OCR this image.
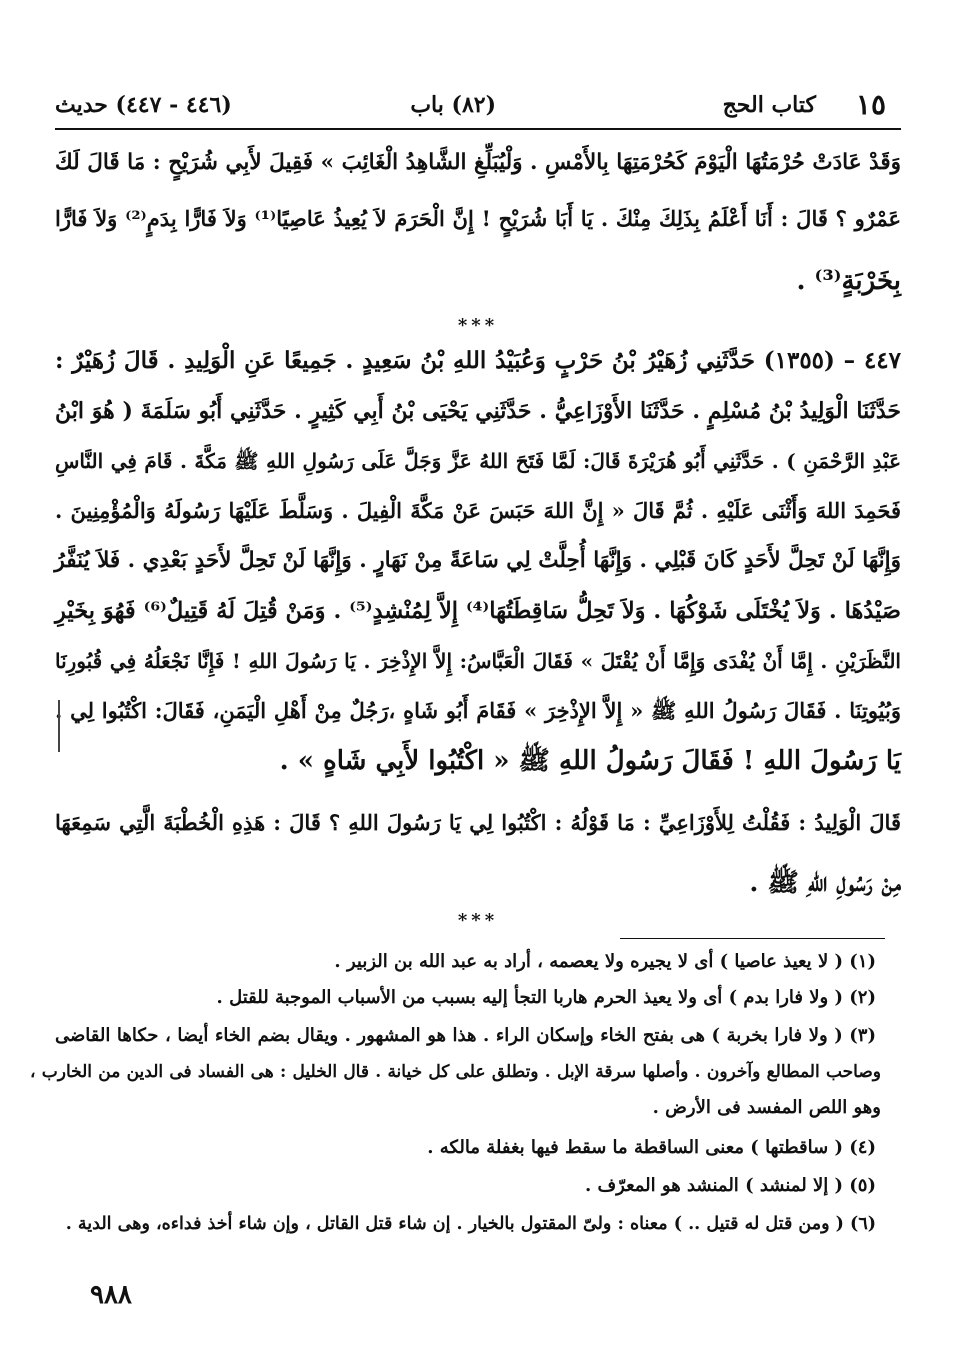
١٥
كتاب الحج
(٨٢) باب
(٤٤٦ - ٤٤٧) حديث
وَقَدْ عَادَتْ حُرْمَتُهَا الْيَوْمَ كَحُرْمَتِهَا بِالأَمْسِ . وَلْيُبَلِّغِ الشَّاهِدُ الْغَائِبَ » فَقِيلَ لأَبِي شُرَيْحٍ : مَا قَالَ لَكَ
عَمْرٌو ؟ قَالَ : أَنَا أَعْلَمُ بِذَلِكَ مِنْكَ . يَا أَبَا شُرَيْحٍ ! إِنَّ الْحَرَمَ لاَ يُعِيذُ عَاصِيًا⁽¹⁾ وَلاَ فَارًّا بِدَمٍ⁽²⁾ وَلاَ فَارًّا
بِخَرْبَةٍ⁽³⁾ .
***
٤٤٧ – (١٣٥٥) حَدَّثَنِي زُهَيْرُ بْنُ حَرْبٍ وَعُبَيْدُ اللهِ بْنُ سَعِيدٍ . جَمِيعًا عَنِ الْوَلِيدِ . قَالَ زُهَيْرٌ :
حَدَّثَنَا الْوَلِيدُ بْنُ مُسْلِمٍ . حَدَّثَنَا الأَوْزَاعِيُّ . حَدَّثَنِي يَحْيَى بْنُ أَبِي كَثِيرٍ . حَدَّثَنِي أَبُو سَلَمَةَ ( هُوَ ابْنُ
عَبْدِ الرَّحْمَنِ ) . حَدَّثَنِي أَبُو هُرَيْرَةَ قَالَ: لَمَّا فَتَحَ اللهُ عَزَّ وَجَلَّ عَلَى رَسُولِ اللهِ ﷺ مَكَّةَ . قَامَ فِي النَّاسِ
فَحَمِدَ اللهَ وَأَثْنَى عَلَيْهِ . ثُمَّ قَالَ « إِنَّ اللهَ حَبَسَ عَنْ مَكَّةَ الْفِيلَ . وَسَلَّطَ عَلَيْهَا رَسُولَهُ وَالْمُؤْمِنِينَ .
وَإِنَّهَا لَنْ تَحِلَّ لأَحَدٍ كَانَ قَبْلِي . وَإِنَّهَا أُحِلَّتْ لِي سَاعَةً مِنْ نَهَارٍ . وَإِنَّهَا لَنْ تَحِلَّ لأَحَدٍ بَعْدِي . فَلاَ يُنَفَّرُ
صَيْدُهَا . وَلاَ يُخْتَلَى شَوْكُهَا . وَلاَ تَحِلُّ سَاقِطَتُهَا⁽⁴⁾ إِلاَّ لِمُنْشِدٍ⁽⁵⁾ . وَمَنْ قُتِلَ لَهُ قَتِيلٌ⁽⁶⁾ فَهُوَ بِخَيْرِ
النَّظَرَيْنِ . إِمَّا أَنْ يُفْدَى وَإِمَّا أَنْ يُقْتَلَ » فَقَالَ الْعَبَّاسُ: إِلاَّ الإِذْخِرَ . يَا رَسُولَ اللهِ ! فَإِنَّا نَجْعَلُهُ فِي قُبُورِنَا
وَبُيُوتِنَا . فَقَالَ رَسُولُ اللهِ ﷺ « إِلاَّ الإِذْخِرَ » فَقَامَ أَبُو شَاهٍ ،رَجُلٌ مِنْ أَهْلِ الْيَمَنِ، فَقَالَ: اكْتُبُوا لِي .
يَا رَسُولَ اللهِ ! فَقَالَ رَسُولُ اللهِ ﷺ « اكْتُبُوا لأَبِي شَاهٍ » .
قَالَ الْوَلِيدُ : فَقُلْتُ لِلأَوْزَاعِيِّ : مَا قَوْلُهُ : اكْتُبُوا لِي يَا رَسُولَ اللهِ ؟ قَالَ : هَذِهِ الْخُطْبَةَ الَّتِي سَمِعَهَا
مِنْ رَسُولِ اللهِ ﷺ .
***
(١) ( لا يعيذ عاصيا ) أى لا يجيره ولا يعصمه ، أراد به عبد الله بن الزبير .
(٢) ( ولا فارا بدم ) أى ولا يعيذ الحرم هاربا التجأ إليه بسبب من الأسباب الموجبة للقتل .
(٣) ( ولا فارا بخربة ) هى بفتح الخاء وإسكان الراء . هذا هو المشهور . ويقال بضم الخاء أيضا ، حكاها القاضى
وصاحب المطالع وآخرون . وأصلها سرقة الإبل . وتطلق على كل خيانة . قال الخليل : هى الفساد فى الدين من الخارب ،
وهو اللص المفسد فى الأرض .
(٤) ( ساقطتها ) معنى الساقطة ما سقط فيها بغفلة مالكه .
(٥) ( إلا لمنشد ) المنشد هو المعرّف .
(٦) ( ومن قتل له قتيل .. ) معناه : ولىّ المقتول بالخيار . إن شاء قتل القاتل ، وإن شاء أخذ فداءه، وهى الدية .
٩٨٨
